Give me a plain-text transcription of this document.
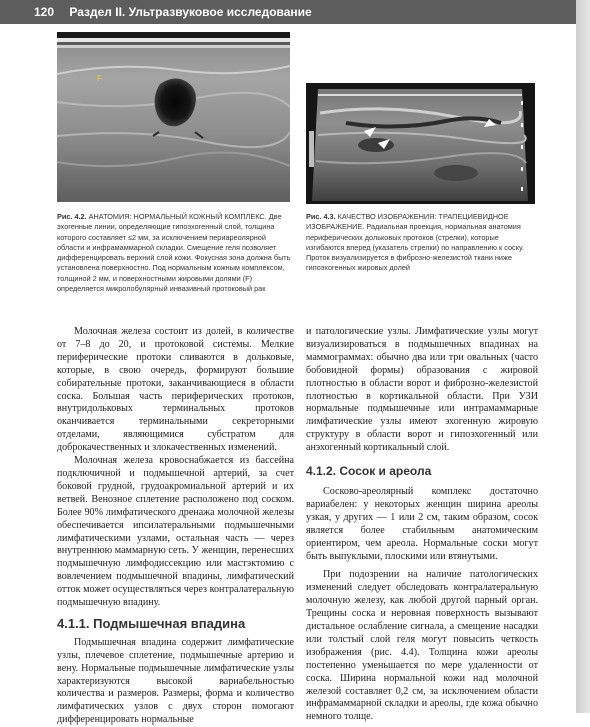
120 Раздел II. Ультразвуковое исследование
F
Рис. 4.2. АНАТОМИЯ: НОРМАЛЬНЫЙ КОЖНЫЙ КОМПЛЕКС. Две эхогенные линии, определяющие гипоэхогенный слой, толщина которого составляет ≤2 мм, за исключением периареолярной области и инфрамаммарной складки. Смещение геля позволяет дифференцировать верхний слой кожи. Фокусная зона должна быть установлена поверхностно. Под нормальным кожным комплексом, толщиной 2 мм, и поверхностными жировыми долями (F) определяется микролобулярный инвазивный протоковый рак
Рис. 4.3. КАЧЕСТВО ИЗОБРАЖЕНИЯ: ТРАПЕЦИЕВИДНОЕ ИЗОБРАЖЕНИЕ. Радиальная проекция, нормальная анатомия периферических дольковых протоков (стрелки), которые изгибаются вперед (указатель стрелки) по направлению к соску. Проток визуализируется в фиброзно-железистой ткани ниже гипоэхогенных жировых долей

Молочная железа состоит из долей, в количестве от 7–8 до 20, и протоковой системы. Мелкие периферические протоки сливаются в дольковые, которые, в свою очередь, формируют большие собирательные протоки, заканчивающиеся в области соска. Большая часть периферических протоков, внутридольковых терминальных протоков оканчивается терминальными секреторными отделами, являющимися субстратом для доброкачественных и злокачественных изменений.

Молочная железа кровоснабжается из бассейна подключичной и подмышечной артерий, за счет боковой грудной, грудоакромиальной артерий и их ветвей. Венозное сплетение расположено под соском. Более 90% лимфатического дренажа молочной железы обеспечивается ипсилатеральными подмышечными лимфатическими узлами, остальная часть — через внутреннюю маммарную сеть. У женщин, перенесших подмышечную лимфодиссекцию или мастэктомию с вовлечением подмышечной впадины, лимфатический отток может осуществляться через контралатеральную подмышечную впадину.

4.1.1. Подмышечная впадина

Подмышечная впадина содержит лимфатические узлы, плечевое сплетение, подмышечные артерию и вену. Нормальные подмышечные лимфатические узлы характеризуются высокой вариабельностью количества и размеров. Размеры, форма и количество лимфатических узлов с двух сторон помогают дифференцировать нормальные

и патологические узлы. Лимфатические узлы могут визуализироваться в подмышечных впадинах на маммограммах: обычно два или три овальных (часто бобовидной формы) образования с жировой плотностью в области ворот и фиброзно-железистой плотностью в кортикальной области. При УЗИ нормальные подмышечные или интрамаммарные лимфатические узлы имеют эхогенную жировую структуру в области ворот и гипоэхогенный или анэхогенный кортикальный слой.

4.1.2. Сосок и ареола

Сосково-ареолярный комплекс достаточно вариабелен: у некоторых женщин ширина ареолы узкая, у других — 1 или 2 см, таким образом, сосок является более стабильным анатомическим ориентиром, чем ареола. Нормальные соски могут быть выпуклыми, плоскими или втянутыми.

При подозрении на наличие патологических изменений следует обследовать контралатеральную молочную железу, как любой другой парный орган. Трещины соска и неровная поверхность вызывают дистальное ослабление сигнала, а смещение насадки или толстый слой геля могут повысить четкость изображения (рис. 4.4). Толщина кожи ареолы постепенно уменьшается по мере удаленности от соска. Ширина нормальной кожи над молочной железой составляет 0,2 см, за исключением области инфрамаммарной складки и ареолы, где кожа обычно немного толще.
